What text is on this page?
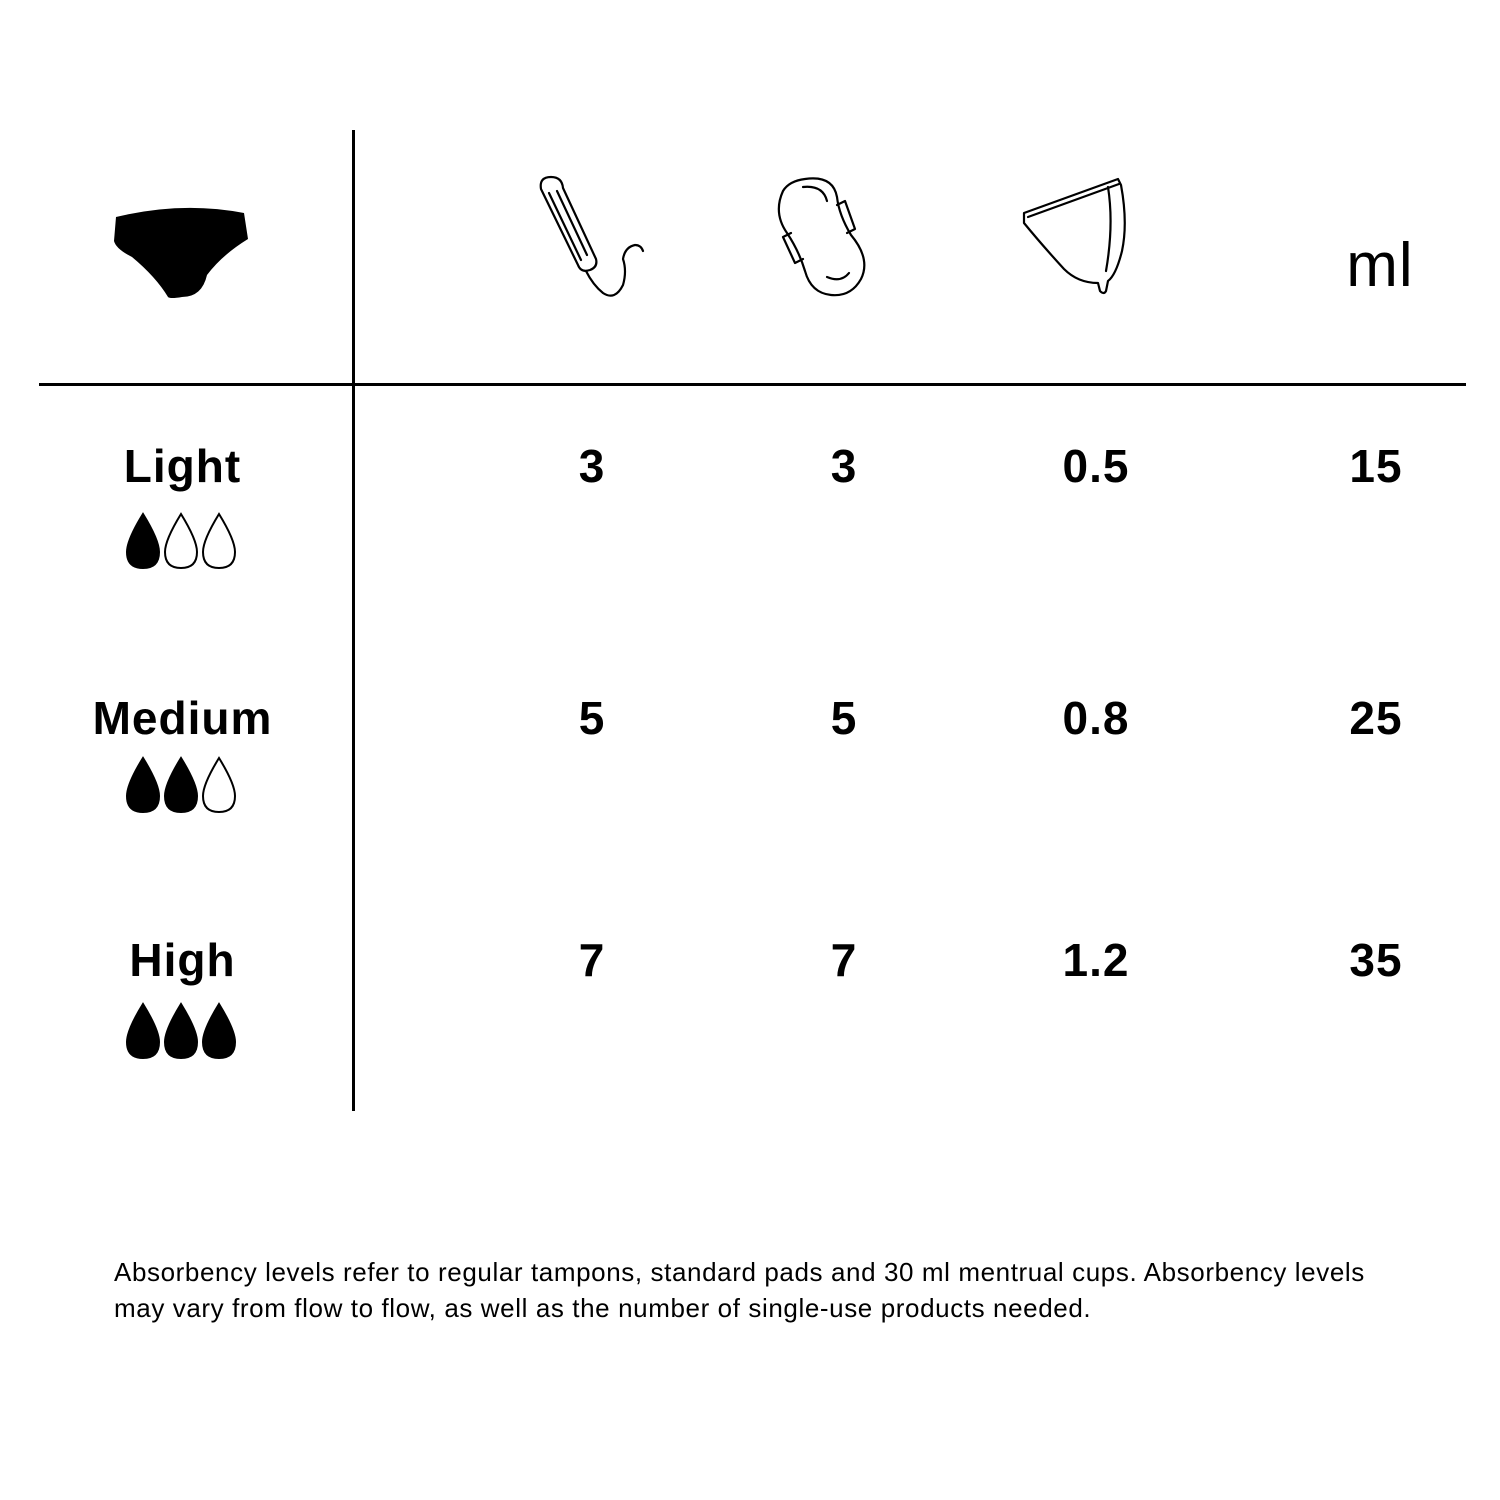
ml
Light	3	3	0.5	15
Medium	5	5	0.8	25
High	7	7	1.2	35

Absorbency levels refer to regular tampons, standard pads and 30 ml mentrual cups. Absorbency levels may vary from flow to flow, as well as the number of single-use products needed.
